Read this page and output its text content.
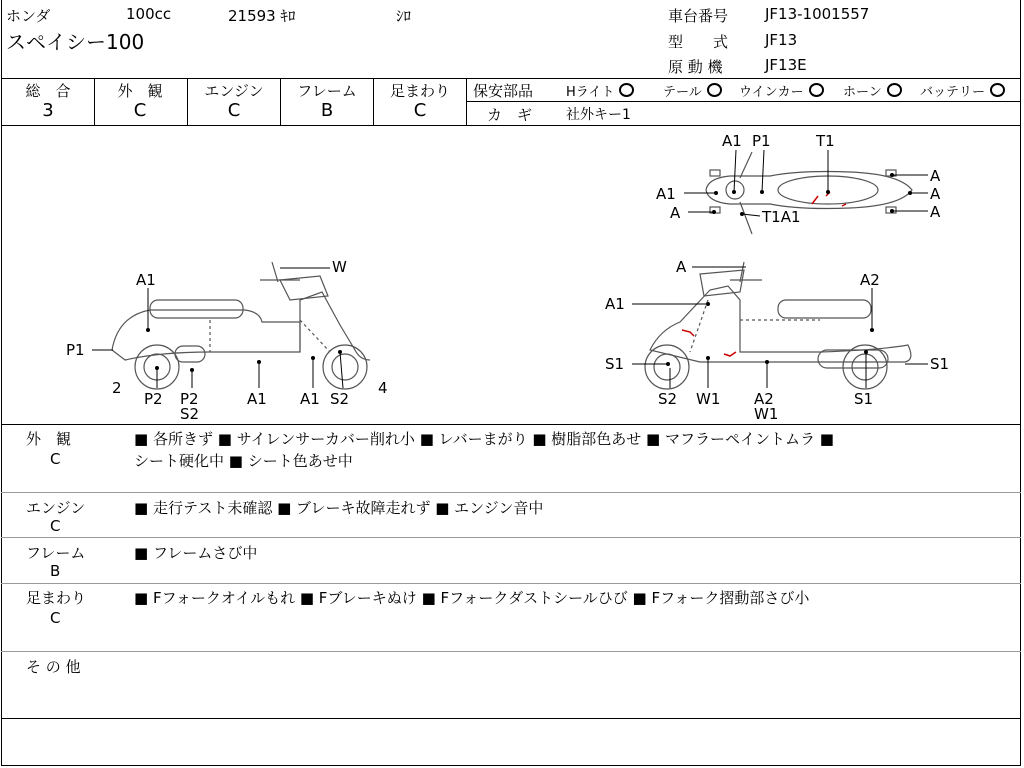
ホンダ	100cc	21593 ｷﾛ	ｼﾛ
スペイシー100
車台番号 JF13-1001557
型　　式 JF13
原 動 機	JF13E
総　合
3
外　観
C
エンジン
C
フレーム
B
足まわり
C
保安部品	Hライト	テール	ウインカー	ホーン	バッテリー
カ　ギ 社外キー1
A1 P1	T1
A1
A
A
A
A
T1A1
W
A1
P1
2
P2 P2
S2
A1 A1 S2
4
A
A2
A1
S1	S1
S2 W1 A2
W1
S1
外　観
C
■ 各所きず ■ サイレンサーカバー削れ小 ■ レバーまがり ■ 樹脂部色あせ ■ マフラーペイントムラ ■
シート硬化中 ■ シート色あせ中
エンジン
C
■ 走行テスト未確認 ■ ブレーキ故障走れず ■ エンジン音中
フレーム
B
■ フレームさび中
足まわり
C
■ Fフォークオイルもれ ■ Fブレーキぬけ ■ Fフォークダストシールひび ■ Fフォーク摺動部さび小
そ の 他
